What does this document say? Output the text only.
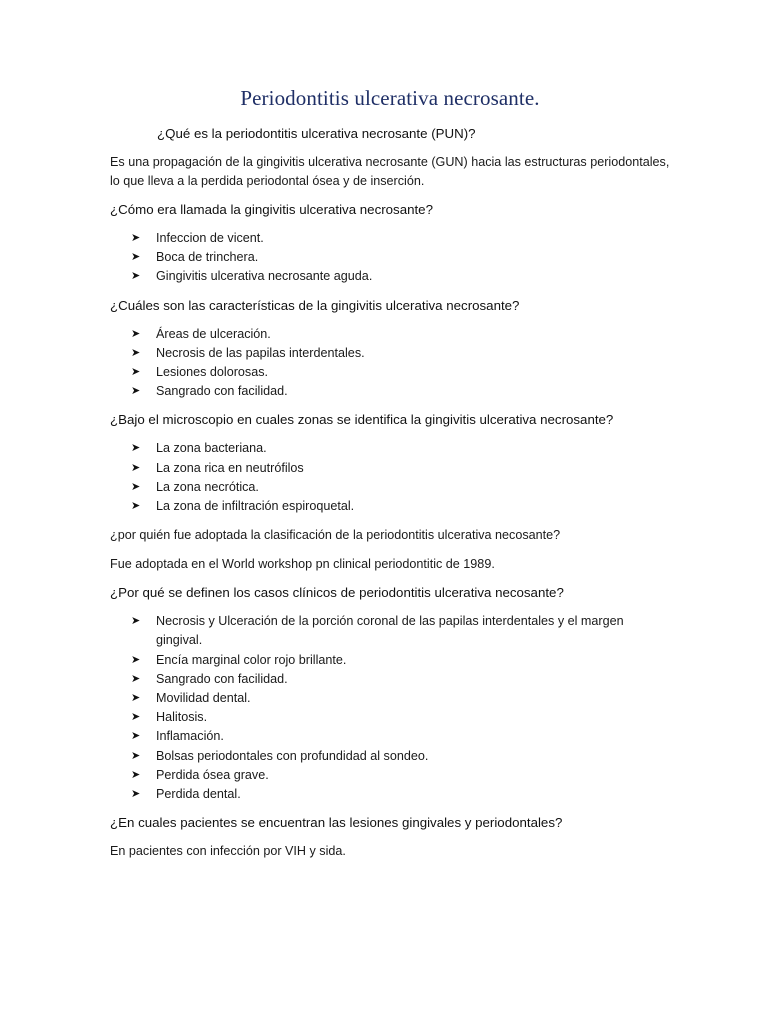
Periodontitis ulcerativa necrosante.

¿Qué es la periodontitis ulcerativa necrosante (PUN)?

Es una propagación de la gingivitis ulcerativa necrosante (GUN) hacia las estructuras periodontales, lo que lleva a la perdida periodontal ósea y de inserción.

¿Cómo era llamada la gingivitis ulcerativa necrosante?

➤ Infeccion de vicent.
➤ Boca de trinchera.
➤ Gingivitis ulcerativa necrosante aguda.

¿Cuáles son las características de la gingivitis ulcerativa necrosante?

➤ Áreas de ulceración.
➤ Necrosis de las papilas interdentales.
➤ Lesiones dolorosas.
➤ Sangrado con facilidad.

¿Bajo el microscopio en cuales zonas se identifica la gingivitis ulcerativa necrosante?

➤ La zona bacteriana.
➤ La zona rica en neutrófilos
➤ La zona necrótica.
➤ La zona de infiltración espiroquetal.

¿por quién fue adoptada la clasificación de la periodontitis ulcerativa necosante?

Fue adoptada en el World workshop pn clinical periodontitic de 1989.

¿Por qué se definen los casos clínicos de periodontitis ulcerativa necosante?

➤ Necrosis y Ulceración de la porción coronal de las papilas interdentales y el margen gingival.
➤ Encía marginal color rojo brillante.
➤ Sangrado con facilidad.
➤ Movilidad dental.
➤ Halitosis.
➤ Inflamación.
➤ Bolsas periodontales con profundidad al sondeo.
➤ Perdida ósea grave.
➤ Perdida dental.

¿En cuales pacientes se encuentran las lesiones gingivales y periodontales?

En pacientes con infección por VIH y sida.
